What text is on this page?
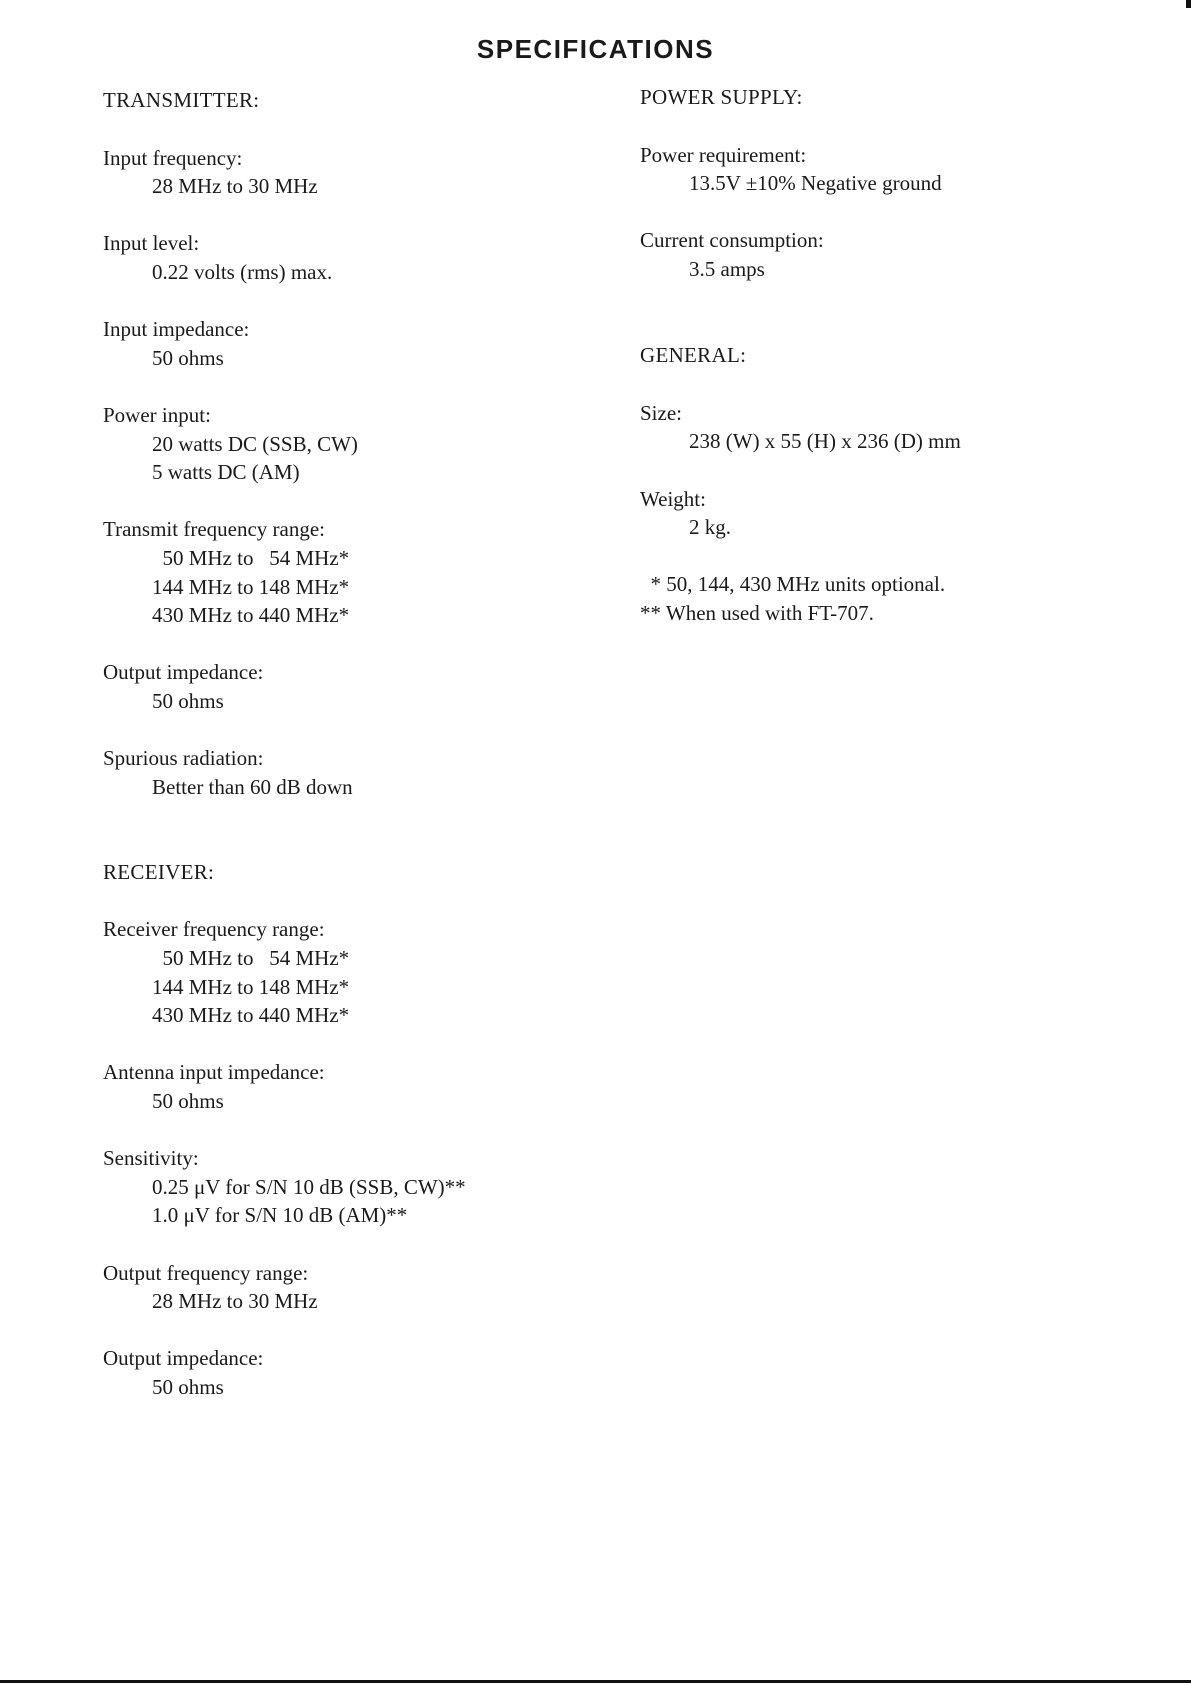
SPECIFICATIONS
TRANSMITTER:
Input frequency:
28 MHz to 30 MHz
Input level:
0.22 volts (rms) max.
Input impedance:
50 ohms
Power input:
20 watts DC (SSB, CW)
5 watts DC (AM)
Transmit frequency range:
50 MHz to   54 MHz*
144 MHz to 148 MHz*
430 MHz to 440 MHz*
Output impedance:
50 ohms
Spurious radiation:
Better than 60 dB down
RECEIVER:
Receiver frequency range:
50 MHz to   54 MHz*
144 MHz to 148 MHz*
430 MHz to 440 MHz*
Antenna input impedance:
50 ohms
Sensitivity:
0.25 μV for S/N 10 dB (SSB, CW)**
1.0 μV for S/N 10 dB (AM)**
Output frequency range:
28 MHz to 30 MHz
Output impedance:
50 ohms
POWER SUPPLY:
Power requirement:
13.5V ±10% Negative ground
Current consumption:
3.5 amps
GENERAL:
Size:
238 (W) x 55 (H) x 236 (D) mm
Weight:
2 kg.
* 50, 144, 430 MHz units optional.
** When used with FT-707.
